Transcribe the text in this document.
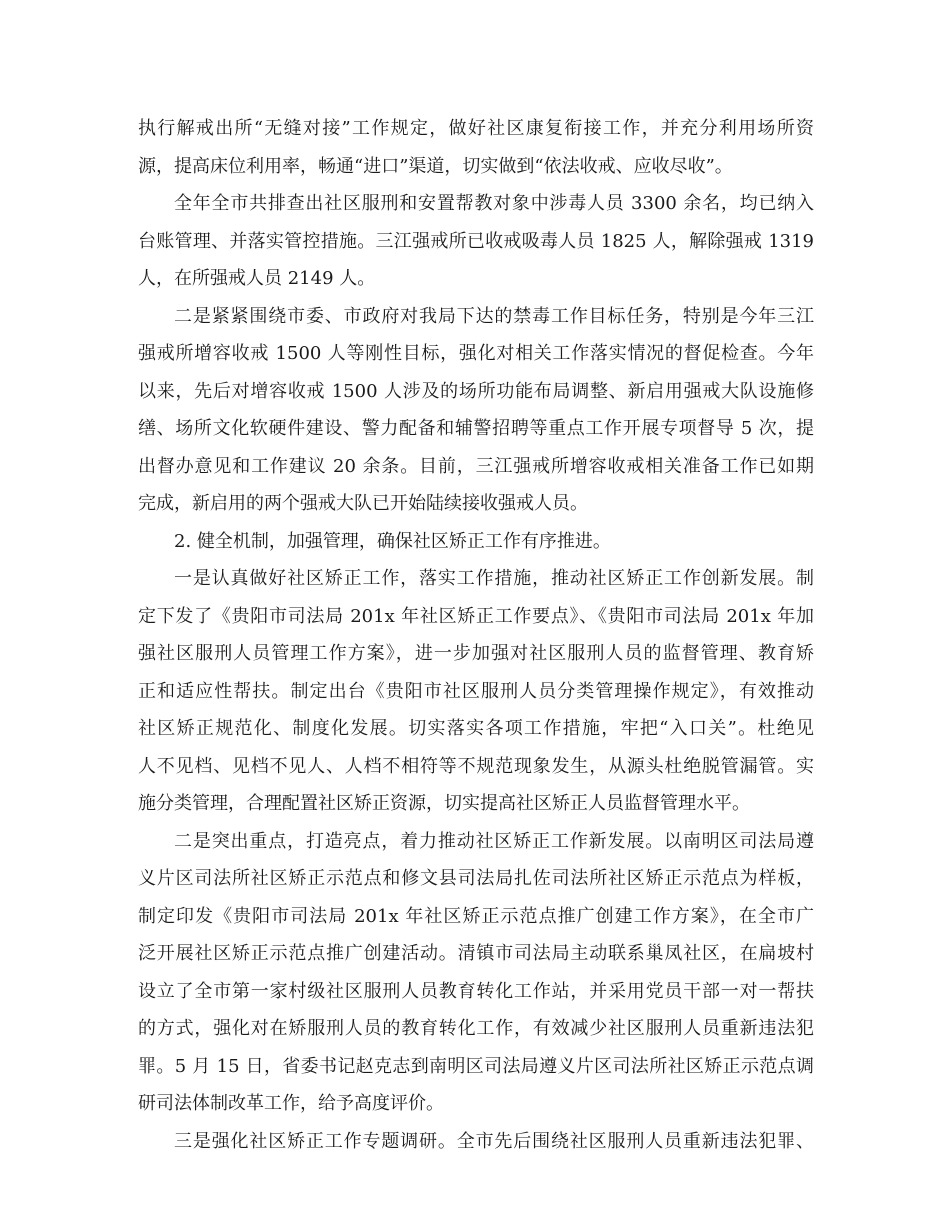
执行解戒出所“无缝对接”工作规定，做好社区康复衔接工作，并充分利用场所资
源，提高床位利用率，畅通“进口”渠道，切实做到“依法收戒、应收尽收”。
全年全市共排查出社区服刑和安置帮教对象中涉毒人员 3300 余名，均已纳入
台账管理、并落实管控措施。三江强戒所已收戒吸毒人员 1825 人，解除强戒 1319
人，在所强戒人员 2149 人。
二是紧紧围绕市委、市政府对我局下达的禁毒工作目标任务，特别是今年三江
强戒所增容收戒 1500 人等刚性目标，强化对相关工作落实情况的督促检查。今年
以来，先后对增容收戒 1500 人涉及的场所功能布局调整、新启用强戒大队设施修
缮、场所文化软硬件建设、警力配备和辅警招聘等重点工作开展专项督导 5 次，提
出督办意见和工作建议 20 余条。目前，三江强戒所增容收戒相关准备工作已如期
完成，新启用的两个强戒大队已开始陆续接收强戒人员。
2. 健全机制，加强管理，确保社区矫正工作有序推进。
一是认真做好社区矫正工作，落实工作措施，推动社区矫正工作创新发展。制
定下发了《贵阳市司法局 201x 年社区矫正工作要点》、《贵阳市司法局 201x 年加
强社区服刑人员管理工作方案》，进一步加强对社区服刑人员的监督管理、教育矫
正和适应性帮扶。制定出台《贵阳市社区服刑人员分类管理操作规定》，有效推动
社区矫正规范化、制度化发展。切实落实各项工作措施，牢把“入口关”。杜绝见
人不见档、见档不见人、人档不相符等不规范现象发生，从源头杜绝脱管漏管。实
施分类管理，合理配置社区矫正资源，切实提高社区矫正人员监督管理水平。
二是突出重点，打造亮点，着力推动社区矫正工作新发展。以南明区司法局遵
义片区司法所社区矫正示范点和修文县司法局扎佐司法所社区矫正示范点为样板，
制定印发《贵阳市司法局 201x 年社区矫正示范点推广创建工作方案》，在全市广
泛开展社区矫正示范点推广创建活动。清镇市司法局主动联系巢凤社区，在扁坡村
设立了全市第一家村级社区服刑人员教育转化工作站，并采用党员干部一对一帮扶
的方式，强化对在矫服刑人员的教育转化工作，有效减少社区服刑人员重新违法犯
罪。5 月 15 日，省委书记赵克志到南明区司法局遵义片区司法所社区矫正示范点调
研司法体制改革工作，给予高度评价。
三是强化社区矫正工作专题调研。全市先后围绕社区服刑人员重新违法犯罪、
